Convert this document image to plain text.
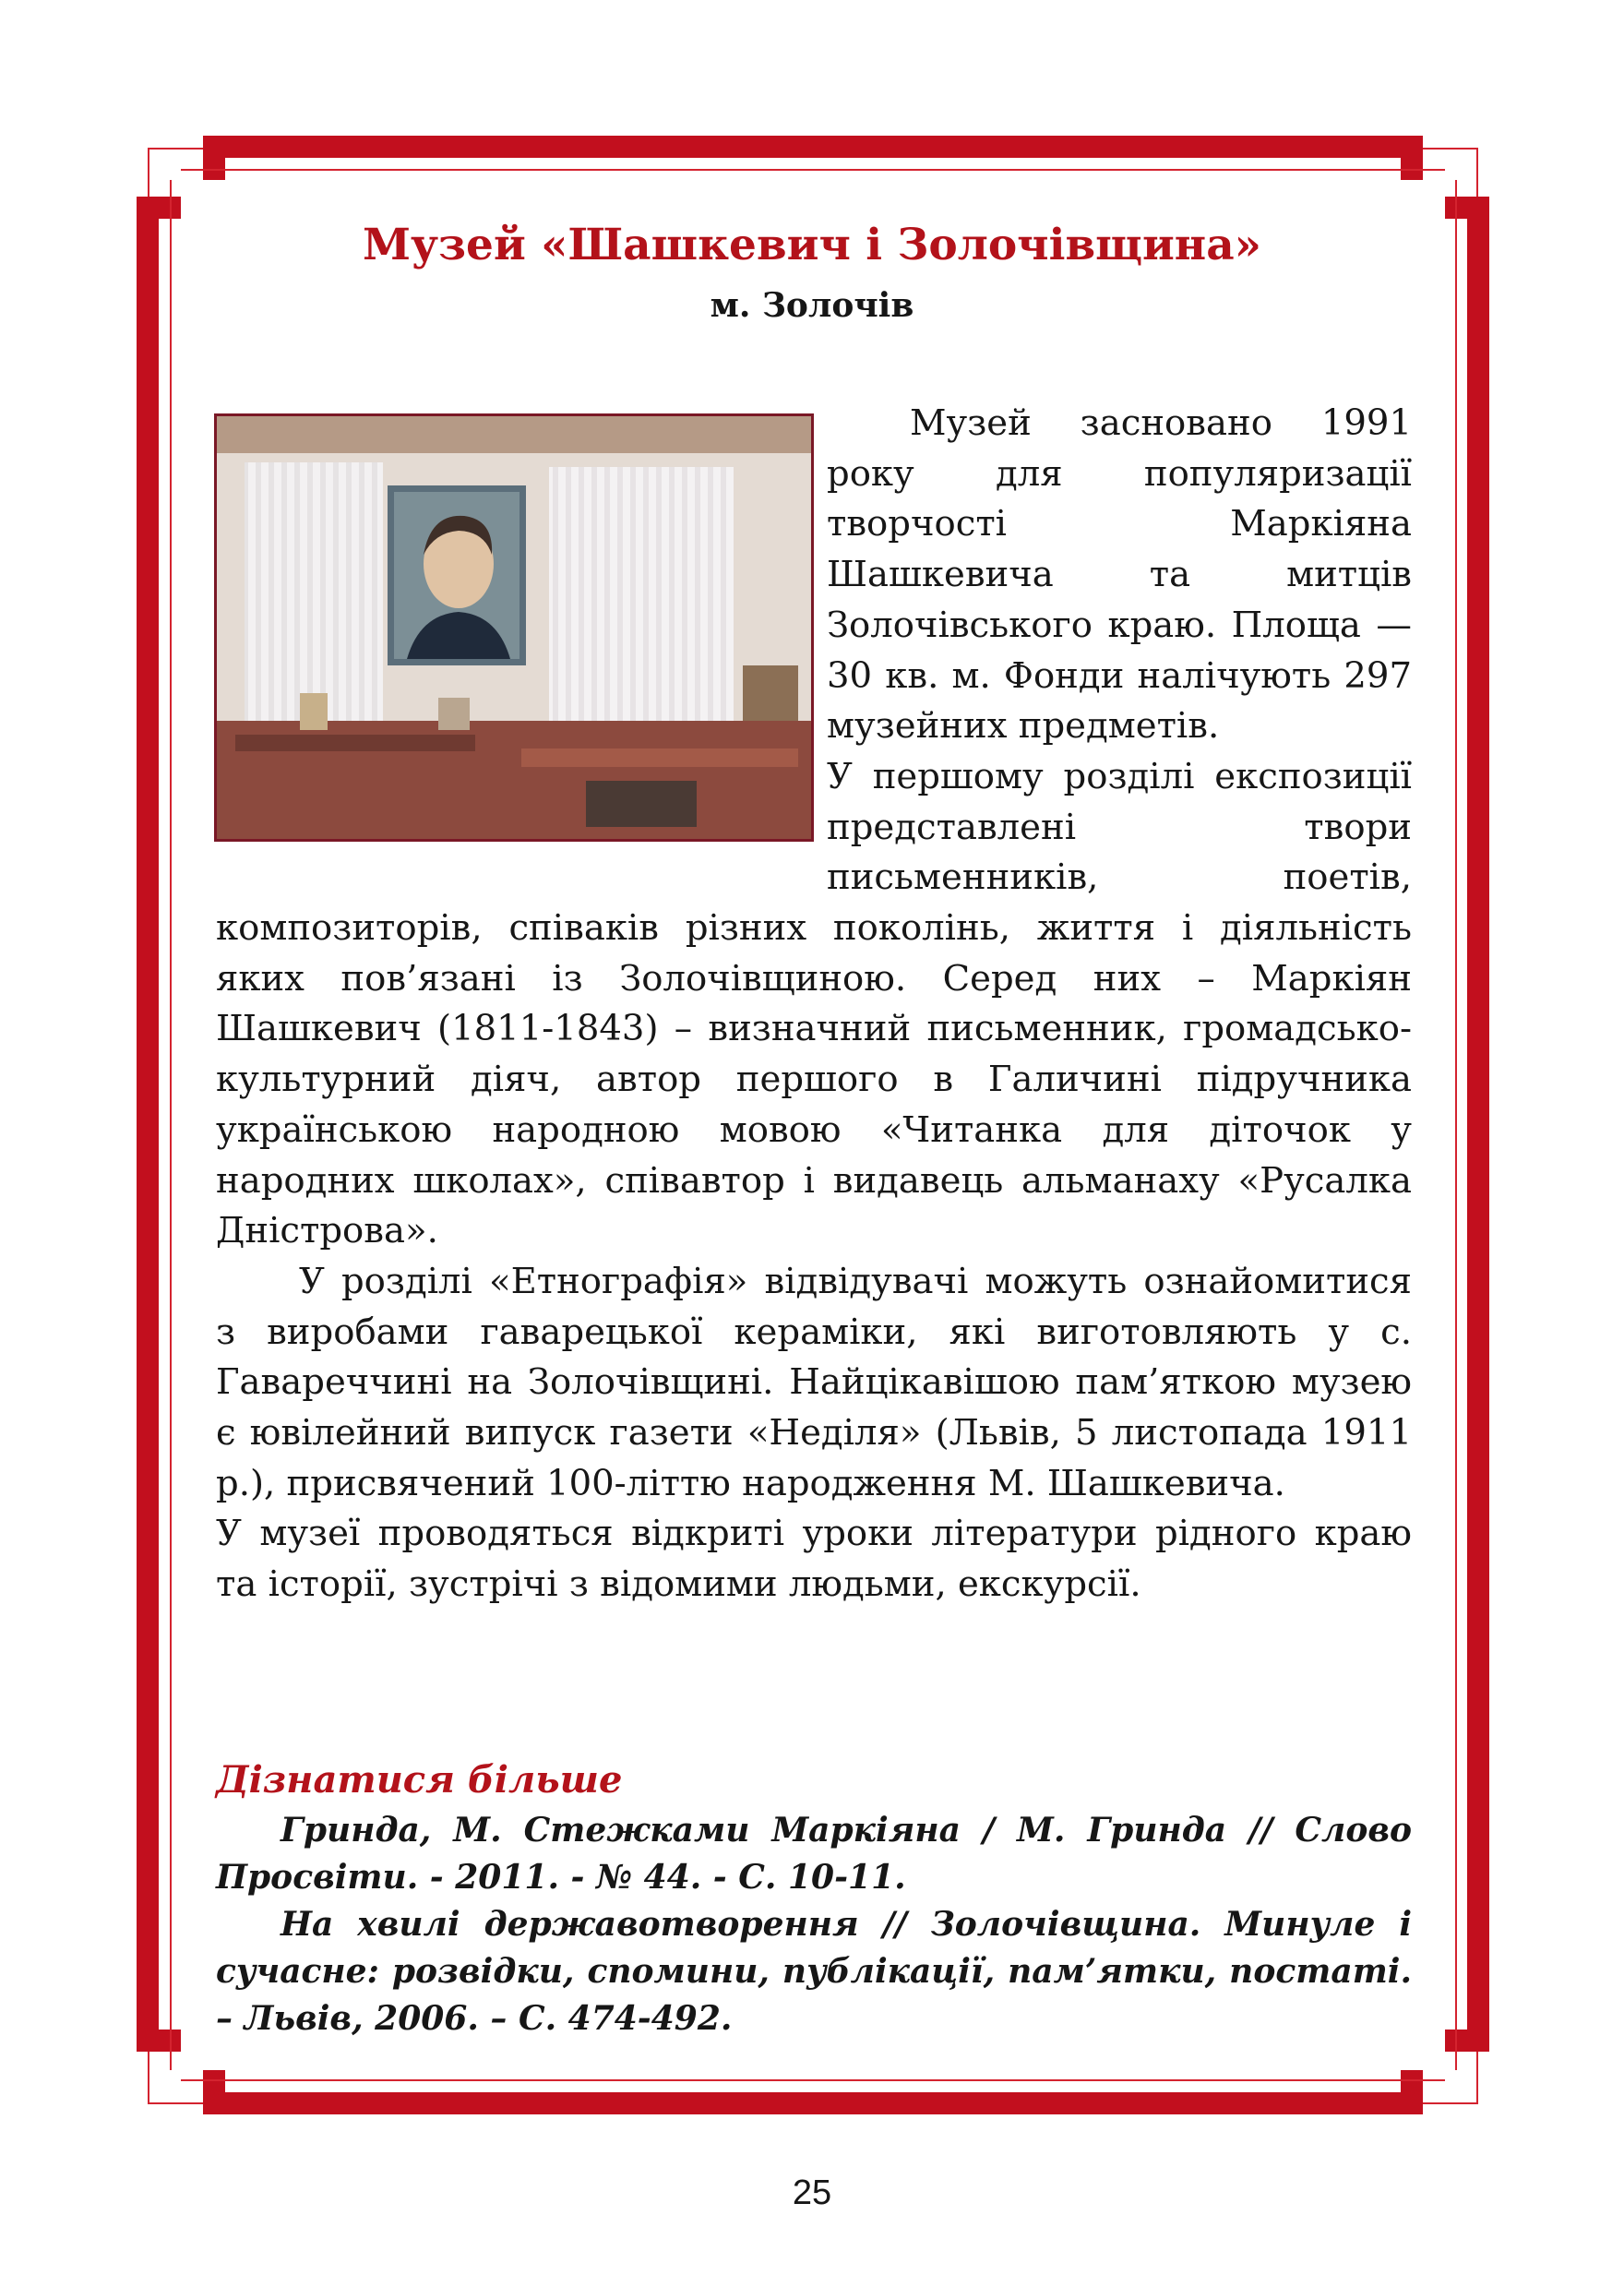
Музей «Шашкевич і Золочівщина»
м. Золочів

Музей засновано 1991 року для популяризації творчості Маркіяна Шашкевича та митців Золочівського краю. Площа —30 кв. м. Фонди налічують 297 музейних предметів.

У першому розділі експозиції представлені твори письменників, поетів, композиторів, співаків різних поколінь, життя і діяльність яких пов’язані із Золочівщиною. Серед них – Маркіян Шашкевич (1811-1843) – визначний письменник, громадсько-культурний діяч, автор першого в Галичині підручника українською народною мовою «Читанка для діточок у народних школах», співавтор і видавець альманаху «Русалка Дністрова».

У розділі «Етнографія» відвідувачі можуть ознайомитися з виробами гаварецької кераміки, які виготовляють у с. Гавареччині на Золочівщині. Найцікавішою пам’яткою музею є ювілейний випуск газети «Неділя» (Львів, 5 листопада 1911 р.), присвячений 100-літтю народження М. Шашкевича.

У музеї проводяться відкриті уроки літератури рідного краю та історії, зустрічі з відомими людьми, екскурсії.

Дізнатися більше

Гринда, М. Стежками Маркіяна / М. Гринда // Слово Просвіти. - 2011. - № 44. - С. 10-11.

На хвилі державотворення // Золочівщина. Минуле і сучасне: розвідки, спомини, публікації, пам’ятки, постаті. – Львів, 2006. – С. 474-492.

25
